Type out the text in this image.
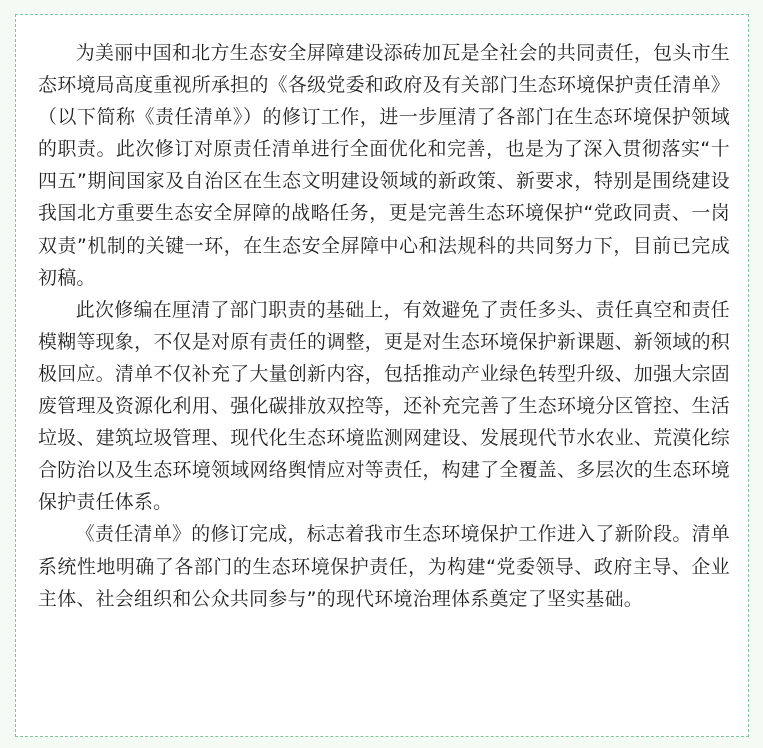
为美丽中国和北方生态安全屏障建设添砖加瓦是全社会的共同责任，包头市生态环境局高度重视所承担的《各级党委和政府及有关部门生态环境保护责任清单》（以下简称《责任清单》）的修订工作，进一步厘清了各部门在生态环境保护领域的职责。此次修订对原责任清单进行全面优化和完善，也是为了深入贯彻落实“十四五”期间国家及自治区在生态文明建设领域的新政策、新要求，特别是围绕建设我国北方重要生态安全屏障的战略任务，更是完善生态环境保护“党政同责、一岗双责”机制的关键一环，在生态安全屏障中心和法规科的共同努力下，目前已完成初稿。

此次修编在厘清了部门职责的基础上，有效避免了责任多头、责任真空和责任模糊等现象，不仅是对原有责任的调整，更是对生态环境保护新课题、新领域的积极回应。清单不仅补充了大量创新内容，包括推动产业绿色转型升级、加强大宗固废管理及资源化利用、强化碳排放双控等，还补充完善了生态环境分区管控、生活垃圾、建筑垃圾管理、现代化生态环境监测网建设、发展现代节水农业、荒漠化综合防治以及生态环境领域网络舆情应对等责任，构建了全覆盖、多层次的生态环境保护责任体系。

《责任清单》的修订完成，标志着我市生态环境保护工作进入了新阶段。清单系统性地明确了各部门的生态环境保护责任，为构建“党委领导、政府主导、企业主体、社会组织和公众共同参与”的现代环境治理体系奠定了坚实基础。
